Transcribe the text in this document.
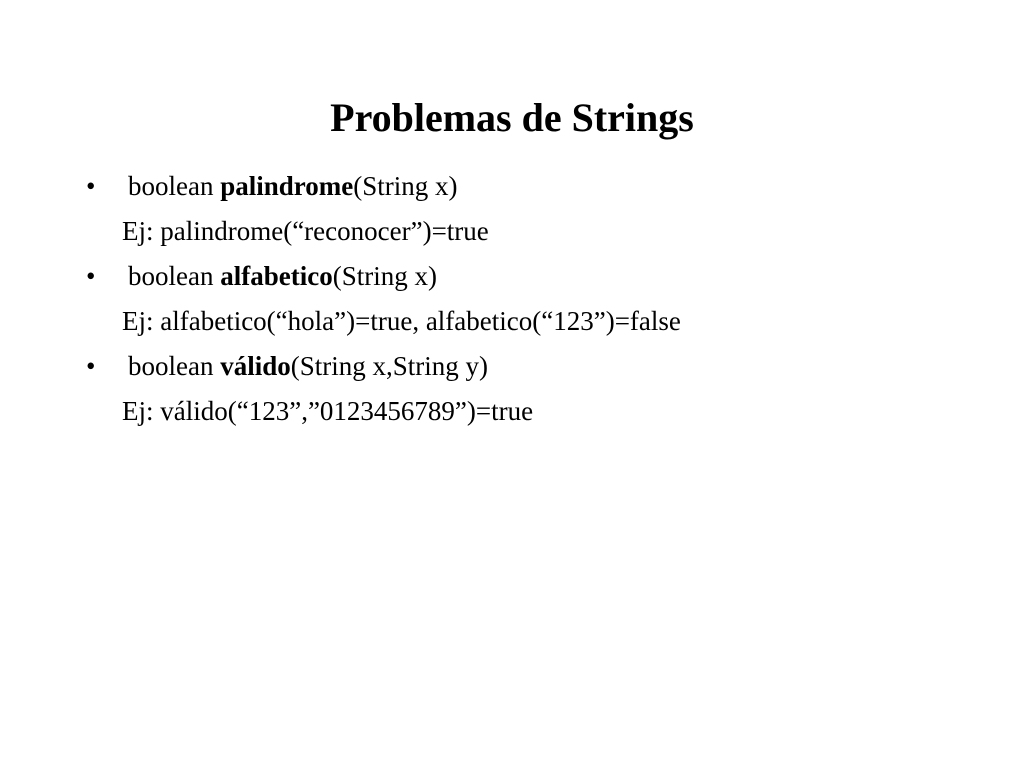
Problemas de Strings
• boolean palindrome(String x)
Ej: palindrome(“reconocer”)=true
• boolean alfabetico(String x)
Ej: alfabetico(“hola”)=true, alfabetico(“123”)=false
• boolean válido(String x,String y)
Ej: válido(“123”,”0123456789”)=true
